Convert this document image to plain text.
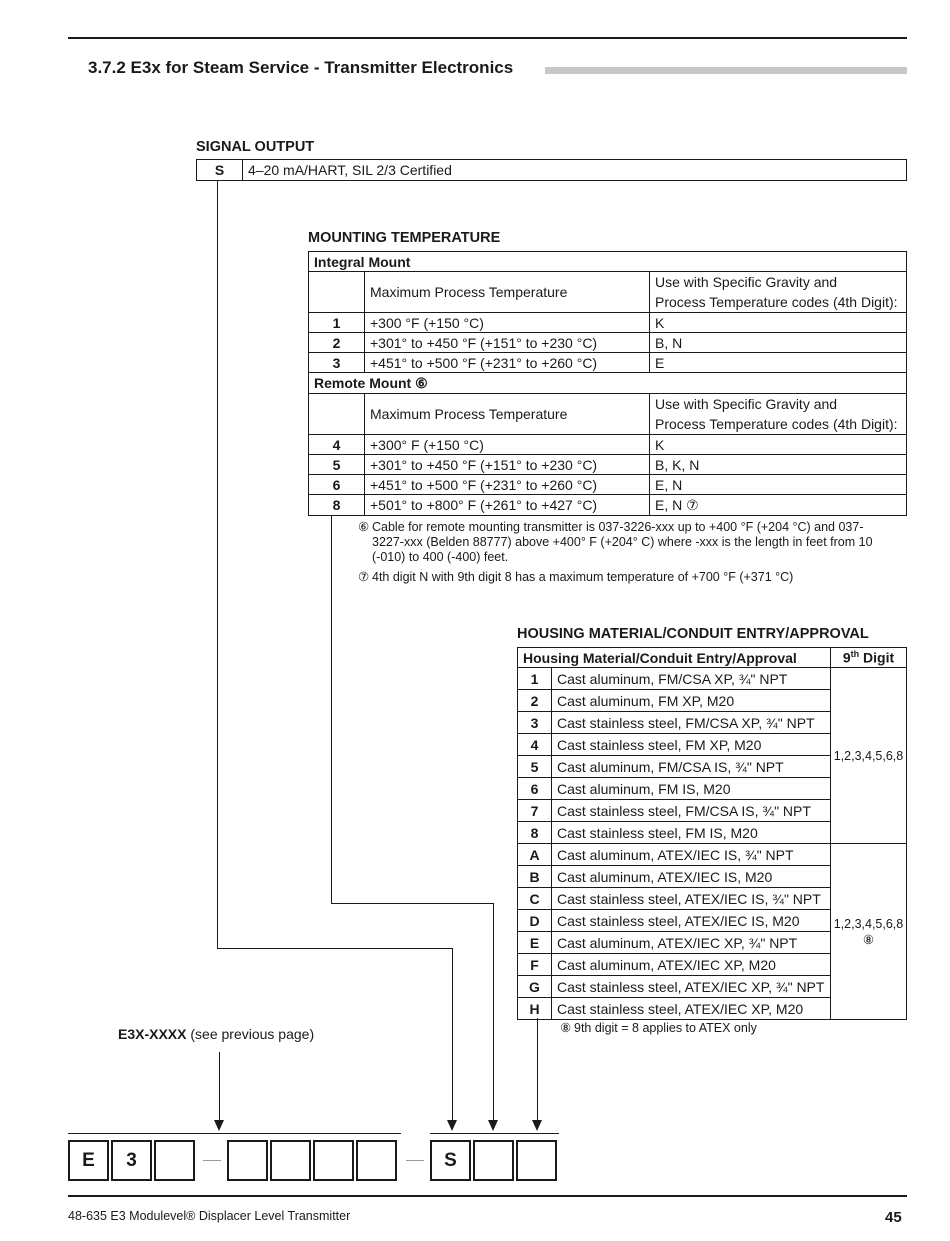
3.7.2 E3x for Steam Service - Transmitter Electronics
SIGNAL OUTPUT
S	4–20 mA/HART, SIL 2/3 Certified
MOUNTING TEMPERATURE
Integral Mount		
	Maximum Process Temperature	Use with Specific Gravity and
Process Temperature codes (4th Digit):
1	+300 °F (+150 °C)	K
2	+301° to +450 °F (+151° to +230 °C)	B, N
3	+451° to +500 °F (+231° to +260 °C)	E
Remote Mount ⑥		
	Maximum Process Temperature	Use with Specific Gravity and
Process Temperature codes (4th Digit):
4	+300° F (+150 °C)	K
5	+301° to +450 °F (+151° to +230 °C)	B, K, N
6	+451° to +500 °F (+231° to +260 °C)	E, N
8	+501° to +800° F (+261° to +427 °C)	E, N ⑦
⑥ Cable for remote mounting transmitter is 037-3226-xxx up to +400 °F (+204 °C) and 037-3227-xxx (Belden 88777) above +400° F (+204° C) where -xxx is the length in feet from 10 (-010) to 400 (-400) feet.
⑦ 4th digit N with 9th digit 8 has a maximum temperature of +700 °F (+371 °C)
HOUSING MATERIAL/CONDUIT ENTRY/APPROVAL
Housing Material/Conduit Entry/Approval		9th Digit
1	Cast aluminum, FM/CSA XP, ¾" NPT	1,2,3,4,5,6,8
2	Cast aluminum, FM XP, M20	
3	Cast stainless steel, FM/CSA XP, ¾" NPT	
4	Cast stainless steel, FM XP, M20	
5	Cast aluminum, FM/CSA IS, ¾" NPT	
6	Cast aluminum, FM IS, M20	
7	Cast stainless steel, FM/CSA IS, ¾" NPT	
8	Cast stainless steel, FM IS, M20	
A	Cast aluminum, ATEX/IEC IS, ¾" NPT	1,2,3,4,5,6,8
⑧
B	Cast aluminum, ATEX/IEC IS, M20	
C	Cast stainless steel, ATEX/IEC IS, ¾" NPT	
D	Cast stainless steel, ATEX/IEC IS, M20	
E	Cast aluminum, ATEX/IEC XP, ¾" NPT	
F	Cast aluminum, ATEX/IEC XP, M20	
G	Cast stainless steel, ATEX/IEC XP, ¾" NPT	
H	Cast stainless steel, ATEX/IEC XP, M20	
⑧ 9th digit = 8 applies to ATEX only
E3X-XXXX (see previous page)
E	3	S
48-635 E3 Modulevel® Displacer Level Transmitter	45
